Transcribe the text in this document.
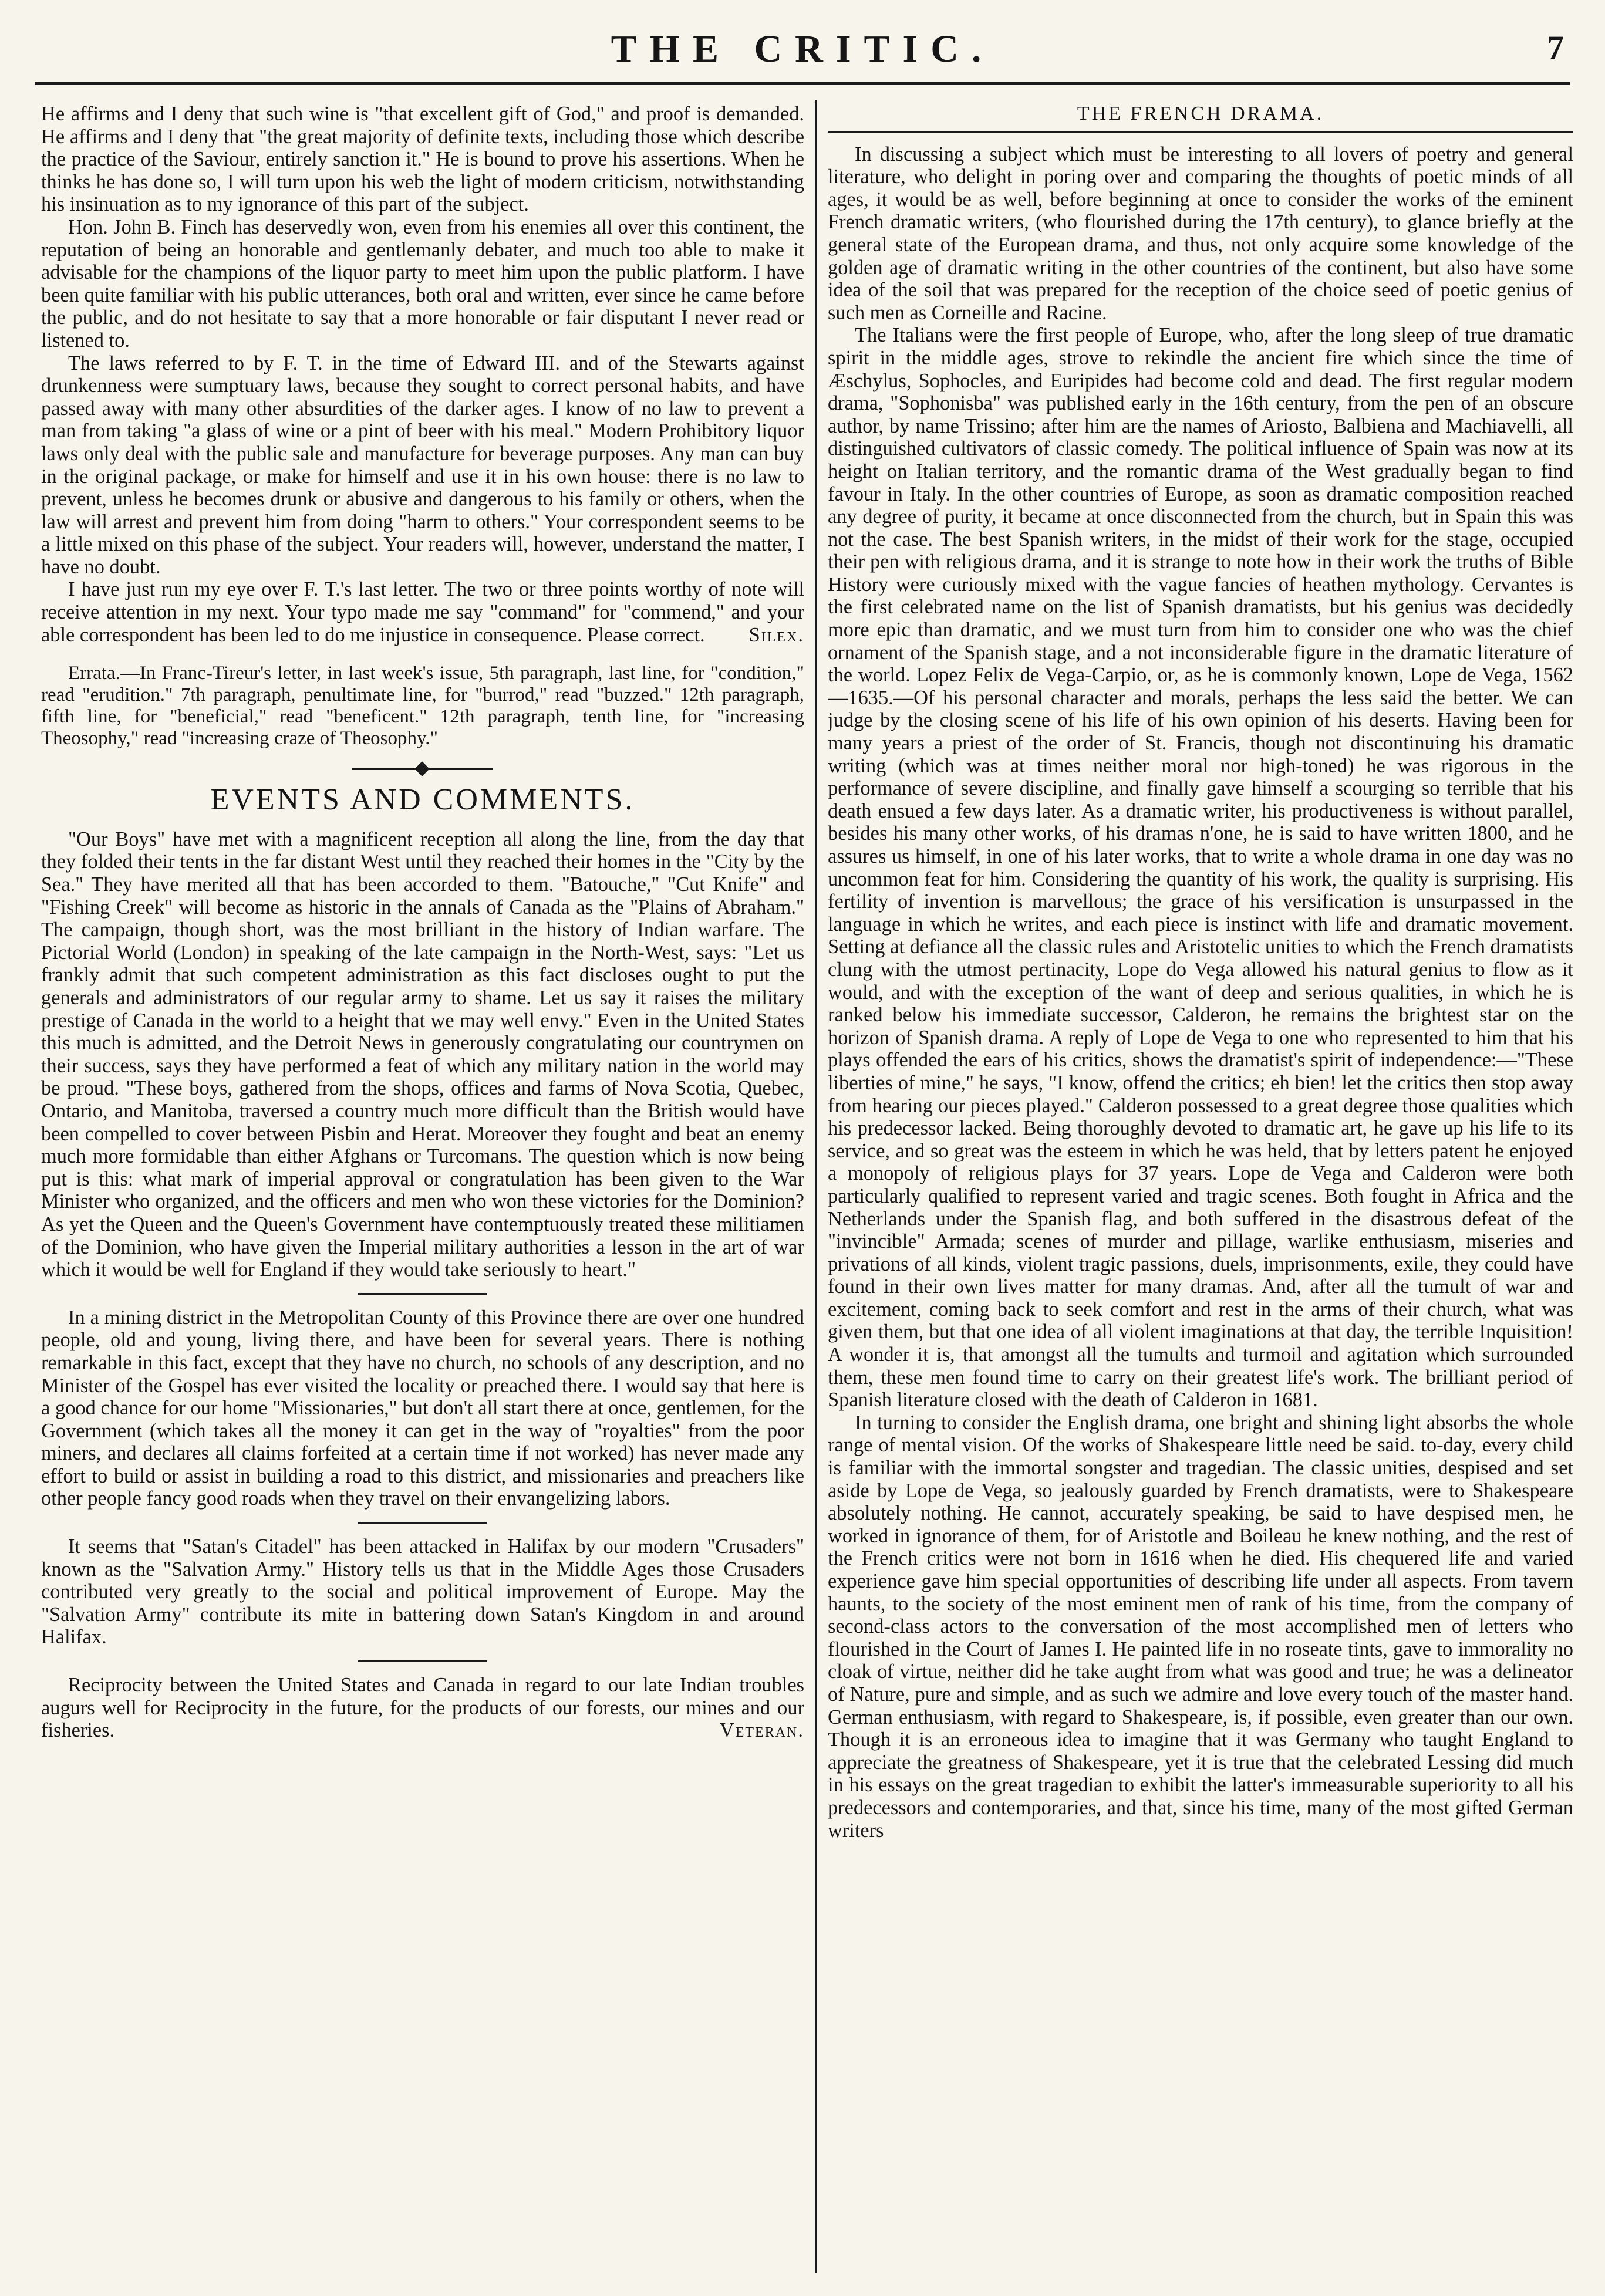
THE CRITIC.	7

He affirms and I deny that such wine is "that excellent gift of God," and proof is demanded. He affirms and I deny that "the great majority of definite texts, including those which describe the practice of the Saviour, entirely sanction it." He is bound to prove his assertions. When he thinks he has done so, I will turn upon his web the light of modern criticism, notwithstanding his insinuation as to my ignorance of this part of the subject.

Hon. John B. Finch has deservedly won, even from his enemies all over this continent, the reputation of being an honorable and gentlemanly debater, and much too able to make it advisable for the champions of the liquor party to meet him upon the public platform. I have been quite familiar with his public utterances, both oral and written, ever since he came before the public, and do not hesitate to say that a more honorable or fair disputant I never read or listened to.

The laws referred to by F. T. in the time of Edward III. and of the Stewarts against drunkenness were sumptuary laws, because they sought to correct personal habits, and have passed away with many other absurdities of the darker ages. I know of no law to prevent a man from taking "a glass of wine or a pint of beer with his meal." Modern Prohibitory liquor laws only deal with the public sale and manufacture for beverage purposes. Any man can buy in the original package, or make for himself and use it in his own house: there is no law to prevent, unless he becomes drunk or abusive and dangerous to his family or others, when the law will arrest and prevent him from doing "harm to others." Your correspondent seems to be a little mixed on this phase of the subject. Your readers will, however, understand the matter, I have no doubt.

I have just run my eye over F. T.'s last letter. The two or three points worthy of note will receive attention in my next. Your typo made me say "command" for "commend," and your able correspondent has been led to do me injustice in consequence. Please correct.	Silex.

Errata.—In Franc-Tireur's letter, in last week's issue, 5th paragraph, last line, for "condition," read "erudition." 7th paragraph, penultimate line, for "burrod," read "buzzed." 12th paragraph, fifth line, for "beneficial," read "beneficent." 12th paragraph, tenth line, for "increasing Theosophy," read "increasing craze of Theosophy."

EVENTS AND COMMENTS.

"Our Boys" have met with a magnificent reception all along the line, from the day that they folded their tents in the far distant West until they reached their homes in the "City by the Sea." They have merited all that has been accorded to them. "Batouche," "Cut Knife" and "Fishing Creek" will become as historic in the annals of Canada as the "Plains of Abraham." The campaign, though short, was the most brilliant in the history of Indian warfare. The Pictorial World (London) in speaking of the late campaign in the North-West, says: "Let us frankly admit that such competent administration as this fact discloses ought to put the generals and administrators of our regular army to shame. Let us say it raises the military prestige of Canada in the world to a height that we may well envy." Even in the United States this much is admitted, and the Detroit News in generously congratulating our countrymen on their success, says they have performed a feat of which any military nation in the world may be proud. "These boys, gathered from the shops, offices and farms of Nova Scotia, Quebec, Ontario, and Manitoba, traversed a country much more difficult than the British would have been compelled to cover between Pisbin and Herat. Moreover they fought and beat an enemy much more formidable than either Afghans or Turcomans. The question which is now being put is this: what mark of imperial approval or congratulation has been given to the War Minister who organized, and the officers and men who won these victories for the Dominion? As yet the Queen and the Queen's Government have contemptuously treated these militiamen of the Dominion, who have given the Imperial military authorities a lesson in the art of war which it would be well for England if they would take seriously to heart."

In a mining district in the Metropolitan County of this Province there are over one hundred people, old and young, living there, and have been for several years. There is nothing remarkable in this fact, except that they have no church, no schools of any description, and no Minister of the Gospel has ever visited the locality or preached there. I would say that here is a good chance for our home "Missionaries," but don't all start there at once, gentlemen, for the Government (which takes all the money it can get in the way of "royalties" from the poor miners, and declares all claims forfeited at a certain time if not worked) has never made any effort to build or assist in building a road to this district, and missionaries and preachers like other people fancy good roads when they travel on their envangelizing labors.

It seems that "Satan's Citadel" has been attacked in Halifax by our modern "Crusaders" known as the "Salvation Army." History tells us that in the Middle Ages those Crusaders contributed very greatly to the social and political improvement of Europe. May the "Salvation Army" contribute its mite in battering down Satan's Kingdom in and around Halifax.

Reciprocity between the United States and Canada in regard to our late Indian troubles augurs well for Reciprocity in the future, for the products of our forests, our mines and our fisheries.	Veteran.

THE FRENCH DRAMA.

In discussing a subject which must be interesting to all lovers of poetry and general literature, who delight in poring over and comparing the thoughts of poetic minds of all ages, it would be as well, before beginning at once to consider the works of the eminent French dramatic writers, (who flourished during the 17th century), to glance briefly at the general state of the European drama, and thus, not only acquire some knowledge of the golden age of dramatic writing in the other countries of the continent, but also have some idea of the soil that was prepared for the reception of the choice seed of poetic genius of such men as Corneille and Racine.

The Italians were the first people of Europe, who, after the long sleep of true dramatic spirit in the middle ages, strove to rekindle the ancient fire which since the time of Æschylus, Sophocles, and Euripides had become cold and dead. The first regular modern drama, "Sophonisba" was published early in the 16th century, from the pen of an obscure author, by name Trissino; after him are the names of Ariosto, Balbiena and Machiavelli, all distinguished cultivators of classic comedy. The political influence of Spain was now at its height on Italian territory, and the romantic drama of the West gradually began to find favour in Italy. In the other countries of Europe, as soon as dramatic composition reached any degree of purity, it became at once disconnected from the church, but in Spain this was not the case. The best Spanish writers, in the midst of their work for the stage, occupied their pen with religious drama, and it is strange to note how in their work the truths of Bible History were curiously mixed with the vague fancies of heathen mythology. Cervantes is the first celebrated name on the list of Spanish dramatists, but his genius was decidedly more epic than dramatic, and we must turn from him to consider one who was the chief ornament of the Spanish stage, and a not inconsiderable figure in the dramatic literature of the world. Lopez Felix de Vega-Carpio, or, as he is commonly known, Lope de Vega, 1562—1635.—Of his personal character and morals, perhaps the less said the better. We can judge by the closing scene of his life of his own opinion of his deserts. Having been for many years a priest of the order of St. Francis, though not discontinuing his dramatic writing (which was at times neither moral nor high-toned) he was rigorous in the performance of severe discipline, and finally gave himself a scourging so terrible that his death ensued a few days later. As a dramatic writer, his productiveness is without parallel, besides his many other works, of his dramas n'one, he is said to have written 1800, and he assures us himself, in one of his later works, that to write a whole drama in one day was no uncommon feat for him. Considering the quantity of his work, the quality is surprising. His fertility of invention is marvellous; the grace of his versification is unsurpassed in the language in which he writes, and each piece is instinct with life and dramatic movement. Setting at defiance all the classic rules and Aristotelic unities to which the French dramatists clung with the utmost pertinacity, Lope do Vega allowed his natural genius to flow as it would, and with the exception of the want of deep and serious qualities, in which he is ranked below his immediate successor, Calderon, he remains the brightest star on the horizon of Spanish drama. A reply of Lope de Vega to one who represented to him that his plays offended the ears of his critics, shows the dramatist's spirit of independence:—"These liberties of mine," he says, "I know, offend the critics; eh bien! let the critics then stop away from hearing our pieces played." Calderon possessed to a great degree those qualities which his predecessor lacked. Being thoroughly devoted to dramatic art, he gave up his life to its service, and so great was the esteem in which he was held, that by letters patent he enjoyed a monopoly of religious plays for 37 years. Lope de Vega and Calderon were both particularly qualified to represent varied and tragic scenes. Both fought in Africa and the Netherlands under the Spanish flag, and both suffered in the disastrous defeat of the "invincible" Armada; scenes of murder and pillage, warlike enthusiasm, miseries and privations of all kinds, violent tragic passions, duels, imprisonments, exile, they could have found in their own lives matter for many dramas. And, after all the tumult of war and excitement, coming back to seek comfort and rest in the arms of their church, what was given them, but that one idea of all violent imaginations at that day, the terrible Inquisition! A wonder it is, that amongst all the tumults and turmoil and agitation which surrounded them, these men found time to carry on their greatest life's work. The brilliant period of Spanish literature closed with the death of Calderon in 1681.

In turning to consider the English drama, one bright and shining light absorbs the whole range of mental vision. Of the works of Shakespeare little need be said. to-day, every child is familiar with the immortal songster and tragedian. The classic unities, despised and set aside by Lope de Vega, so jealously guarded by French dramatists, were to Shakespeare absolutely nothing. He cannot, accurately speaking, be said to have despised men, he worked in ignorance of them, for of Aristotle and Boileau he knew nothing, and the rest of the French critics were not born in 1616 when he died. His chequered life and varied experience gave him special opportunities of describing life under all aspects. From tavern haunts, to the society of the most eminent men of rank of his time, from the company of second-class actors to the conversation of the most accomplished men of letters who flourished in the Court of James I. He painted life in no roseate tints, gave to immorality no cloak of virtue, neither did he take aught from what was good and true; he was a delineator of Nature, pure and simple, and as such we admire and love every touch of the master hand. German enthusiasm, with regard to Shakespeare, is, if possible, even greater than our own. Though it is an erroneous idea to imagine that it was Germany who taught England to appreciate the greatness of Shakespeare, yet it is true that the celebrated Lessing did much in his essays on the great tragedian to exhibit the latter's immeasurable superiority to all his predecessors and contemporaries, and that, since his time, many of the most gifted German writers
